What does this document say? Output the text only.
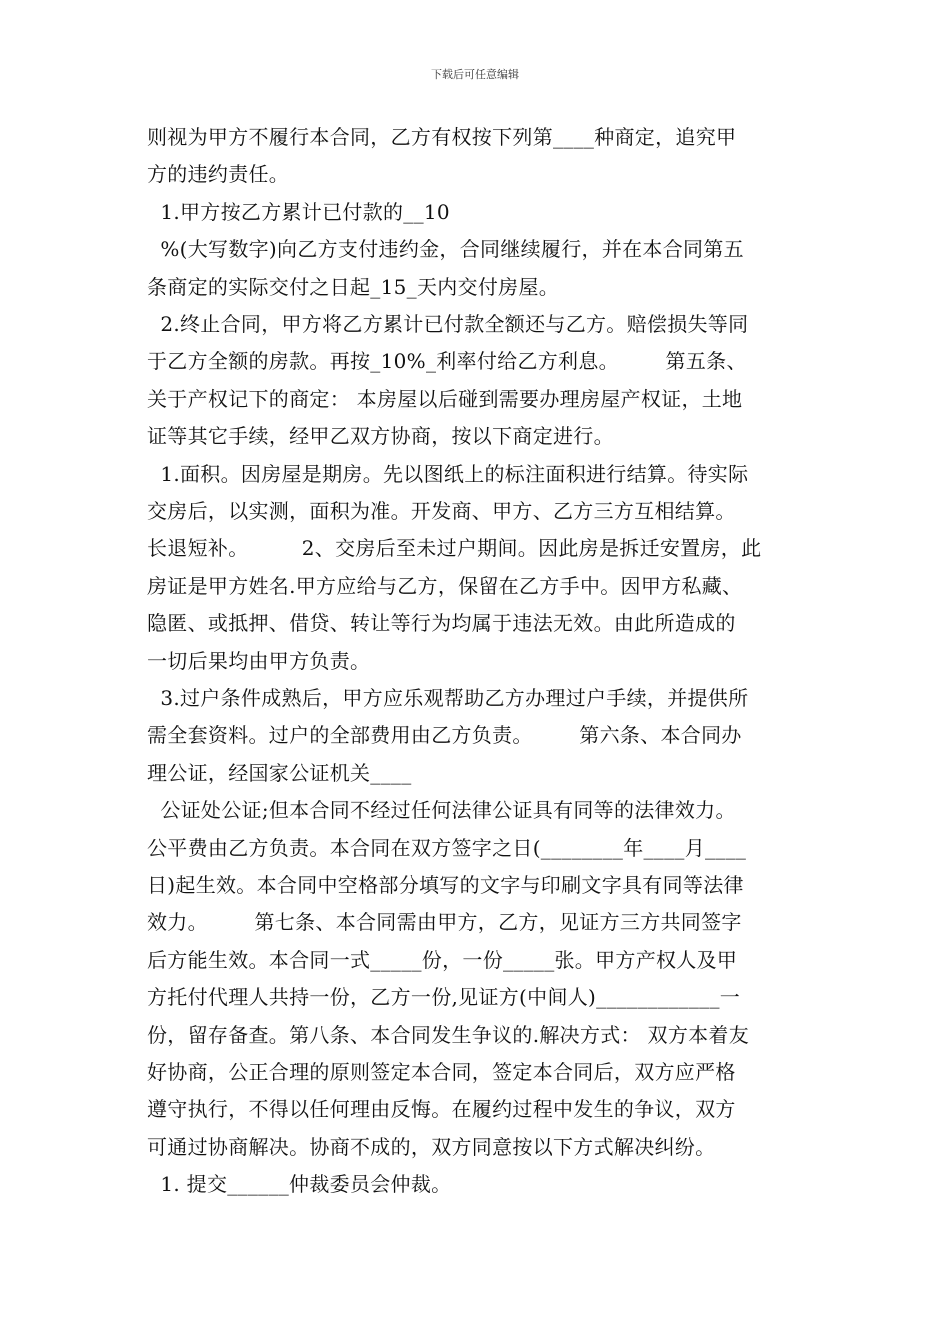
下载后可任意编辑
则视为甲方不履行本合同，乙方有权按下列第____种商定，追究甲
方的违约责任。
1.甲方按乙方累计已付款的__10
%(大写数字)向乙方支付违约金，合同继续履行，并在本合同第五
条商定的实际交付之日起_15_天内交付房屋。
2.终止合同，甲方将乙方累计已付款全额还与乙方。赔偿损失等同
于乙方全额的房款。再按_10%_利率付给乙方利息。       第五条、
关于产权记下的商定： 本房屋以后碰到需要办理房屋产权证，土地
证等其它手续，经甲乙双方协商，按以下商定进行。
1.面积。因房屋是期房。先以图纸上的标注面积进行结算。待实际
交房后，以实测，面积为准。开发商、甲方、乙方三方互相结算。
长退短补。        2、交房后至未过户期间。因此房是拆迁安置房，此
房证是甲方姓名.甲方应给与乙方，保留在乙方手中。因甲方私藏、
隐匿、或抵押、借贷、转让等行为均属于违法无效。由此所造成的
一切后果均由甲方负责。
3.过户条件成熟后，甲方应乐观帮助乙方办理过户手续，并提供所
需全套资料。过户的全部费用由乙方负责。       第六条、本合同办
理公证，经国家公证机关____
公证处公证;但本合同不经过任何法律公证具有同等的法律效力。
公平费由乙方负责。本合同在双方签字之日(________年____月____
日)起生效。本合同中空格部分填写的文字与印刷文字具有同等法律
效力。       第七条、本合同需由甲方，乙方，见证方三方共同签字
后方能生效。本合同一式_____份，一份_____张。甲方产权人及甲
方托付代理人共持一份，乙方一份,见证方(中间人)____________一
份，留存备查。第八条、本合同发生争议的.解决方式： 双方本着友
好协商，公正合理的原则签定本合同，签定本合同后，双方应严格
遵守执行，不得以任何理由反悔。在履约过程中发生的争议，双方
可通过协商解决。协商不成的，双方同意按以下方式解决纠纷。
1. 提交______仲裁委员会仲裁。
